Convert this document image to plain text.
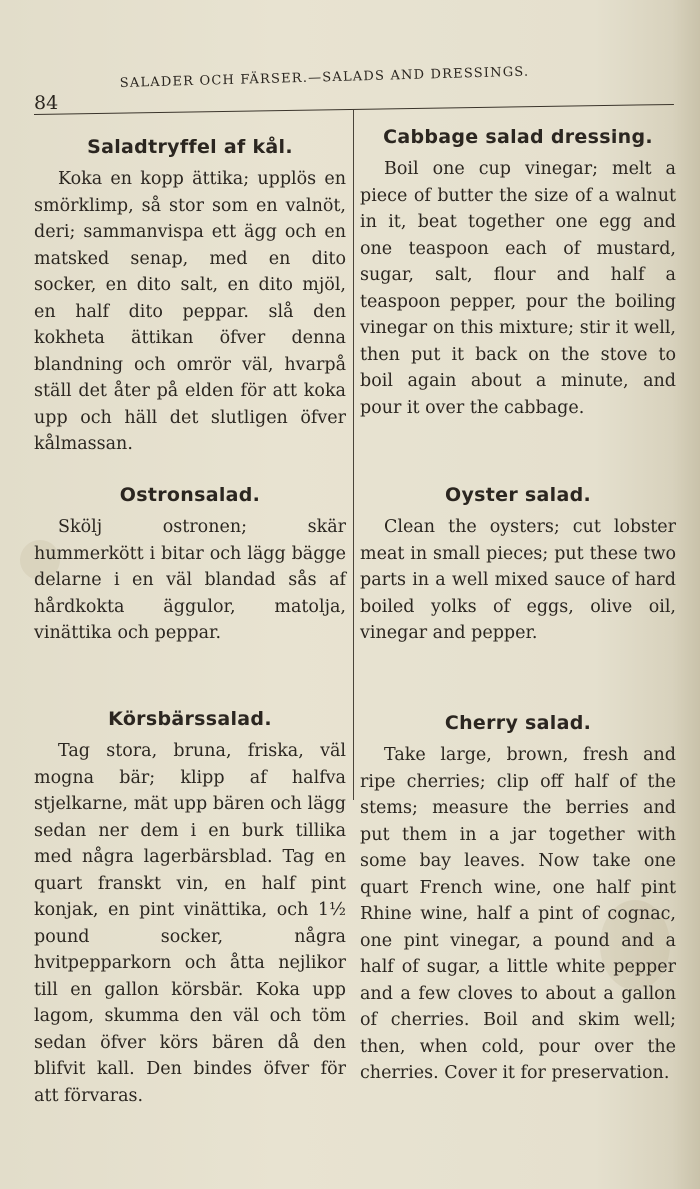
84
SALADER OCH FÄRSER.—SALADS AND DRESSINGS.
Saladtryffel af kål.

Koka en kopp ättika; upplös en smörklimp, så stor som en valnöt, deri; sammanvispa ett ägg och en matsked senap, med en dito socker, en dito salt, en dito mjöl, en half dito peppar. slå den kokheta ättikan öfver denna blandning och omrör väl, hvarpå ställ det åter på elden för att koka upp och häll det slutligen öfver kålmassan.

Ostronsalad.

Skölj ostronen; skär hummerkött i bitar och lägg bägge delarne i en väl blandad sås af hårdkokta äggulor, matolja, vinättika och peppar.

Körsbärssalad.

Tag stora, bruna, friska, väl mogna bär; klipp af halfva stjelkarne, mät upp bären och lägg sedan ner dem i en burk tillika med några lagerbärsblad. Tag en quart franskt vin, en half pint konjak, en pint vinättika, och 1½ pound socker, några hvitpepparkorn och åtta nejlikor till en gallon körsbär. Koka upp lagom, skumma den väl och töm sedan öfver körs bären då den blifvit kall. Den bindes öfver för att förvaras.

Cabbage salad dressing.

Boil one cup vinegar; melt a piece of butter the size of a walnut in it, beat together one egg and one teaspoon each of mustard, sugar, salt, flour and half a teaspoon pepper, pour the boiling vinegar on this mixture; stir it well, then put it back on the stove to boil again about a minute, and pour it over the cabbage.

Oyster salad.

Clean the oysters; cut lobster meat in small pieces; put these two parts in a well mixed sauce of hard boiled yolks of eggs, olive oil, vinegar and pepper.

Cherry salad.

Take large, brown, fresh and ripe cherries; clip off half of the stems; measure the berries and put them in a jar together with some bay leaves. Now take one quart French wine, one half pint Rhine wine, half a pint of cognac, one pint vinegar, a pound and a half of sugar, a little white pepper and a few cloves to about a gallon of cherries. Boil and skim well; then, when cold, pour over the cherries. Cover it for preservation.
